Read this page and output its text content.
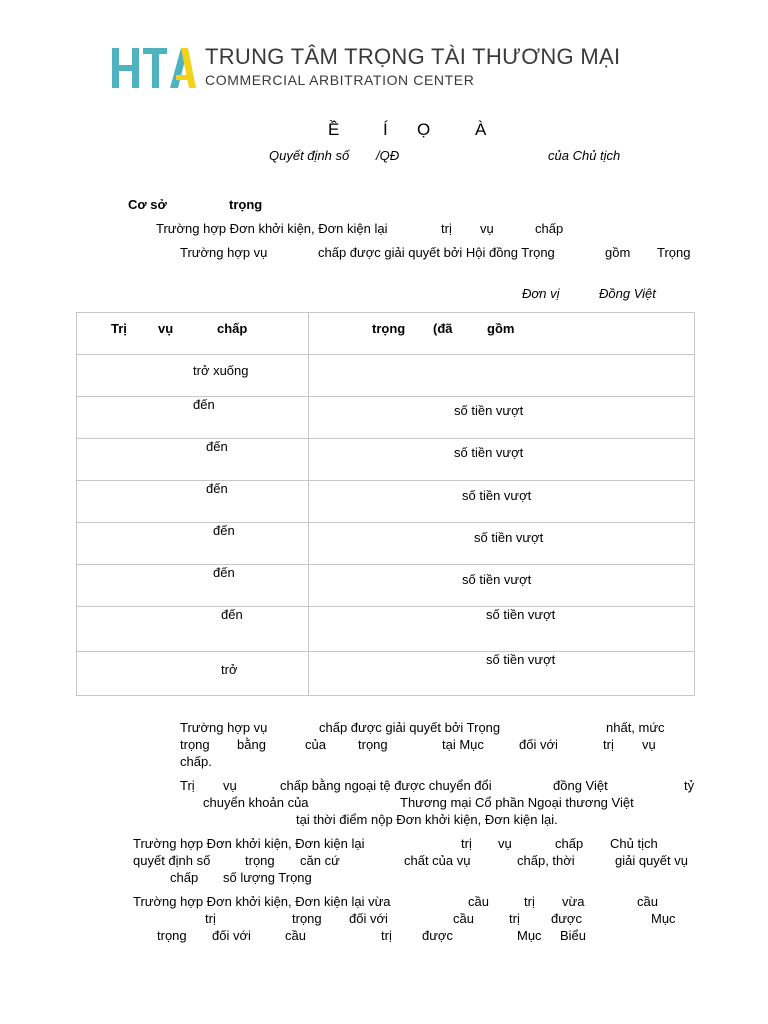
TRUNG TÂM TRỌNG TÀI THƯƠNG MẠI
COMMERCIAL ARBITRATION CENTER
Ề	Í Ọ	À
Quyết định số /QĐ	của Chủ tịch
Cơ sở	trọng
Trường hợp Đơn khởi kiện, Đơn kiện lại	trị vụ	chấp
Trường hợp vụ	chấp được giải quyết bởi Hội đồng Trọng	gồm Trọng
Đơn vị	Đồng Việt
Trị vụ chấp	trọng (đã gồm

trở xuống	

đến	số tiền vượt

đến	số tiền vượt

đến	số tiền vượt

đến	số tiền vượt

đến	số tiền vượt

đến	số tiền vượt

trở	số tiền vượt
Trường hợp vụ	chấp được giải quyết bởi Trọng	nhất, mức
trọng bằng	của trọng	tại Mục	đối với	trị vụ
chấp.
Trị vụ	chấp bằng ngoại tệ được chuyển đổi	đồng Việt	tỷ
chuyển khoản của	Thương mại Cổ phần Ngoại thương Việt
tại thời điểm nộp Đơn khởi kiện, Đơn kiện lại.
Trường hợp Đơn khởi kiện, Đơn kiện lại	trị vụ	chấp Chủ tịch
quyết định số	trọng căn cứ	chất của vụ	chấp, thời	giải quyết vụ
chấp số lượng Trọng
Trường hợp Đơn khởi kiện, Đơn kiện lại vừa	cầu	trị vừa	cầu
trị	trọng đối với	cầu	trị được	Mục
trọng đối với	cầu	trị được	Mục Biểu
